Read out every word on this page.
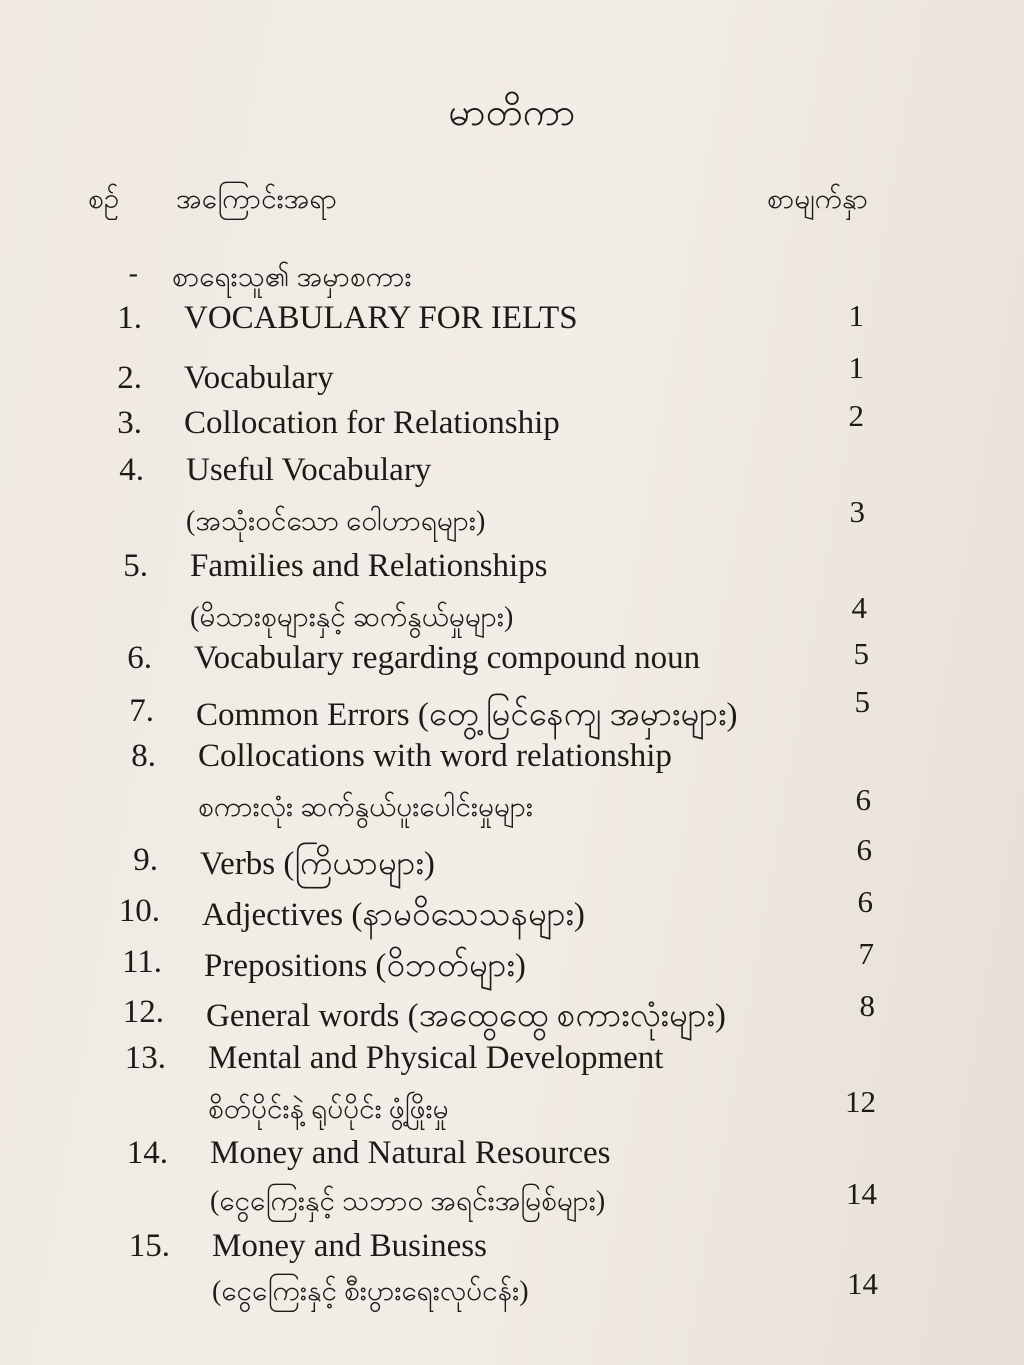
မာတိကာ
စဉ် အကြောင်းအရာ	စာမျက်နှာ
- စာရေးသူ၏ အမှာစကား
1. VOCABULARY FOR IELTS	1
2. Vocabulary	1
3. Collocation for Relationship	2
4. Useful Vocabulary
(အသုံးဝင်သော ဝေါဟာရများ)	3
5. Families and Relationships
(မိသားစုများနှင့် ဆက်နွယ်မှုများ)	4
6. Vocabulary regarding compound noun	5
7. Common Errors (တွေ့မြင်နေကျ အမှားများ)	5
8. Collocations with word relationship
စကားလုံး ဆက်နွယ်ပူးပေါင်းမှုများ	6
9. Verbs (ကြိယာများ)	6
10. Adjectives (နာမဝိသေသနများ)	6
11. Prepositions (ဝိဘတ်များ)	7
12. General words (အထွေထွေ စကားလုံးများ)	8
13. Mental and Physical Development
စိတ်ပိုင်းနဲ့ ရုပ်ပိုင်း ဖွံ့ဖြိုးမှု	12
14. Money and Natural Resources
(ငွေကြေးနှင့် သဘာဝ အရင်းအမြစ်များ)	14
15. Money and Business
(ငွေကြေးနှင့် စီးပွားရေးလုပ်ငန်း)	14
